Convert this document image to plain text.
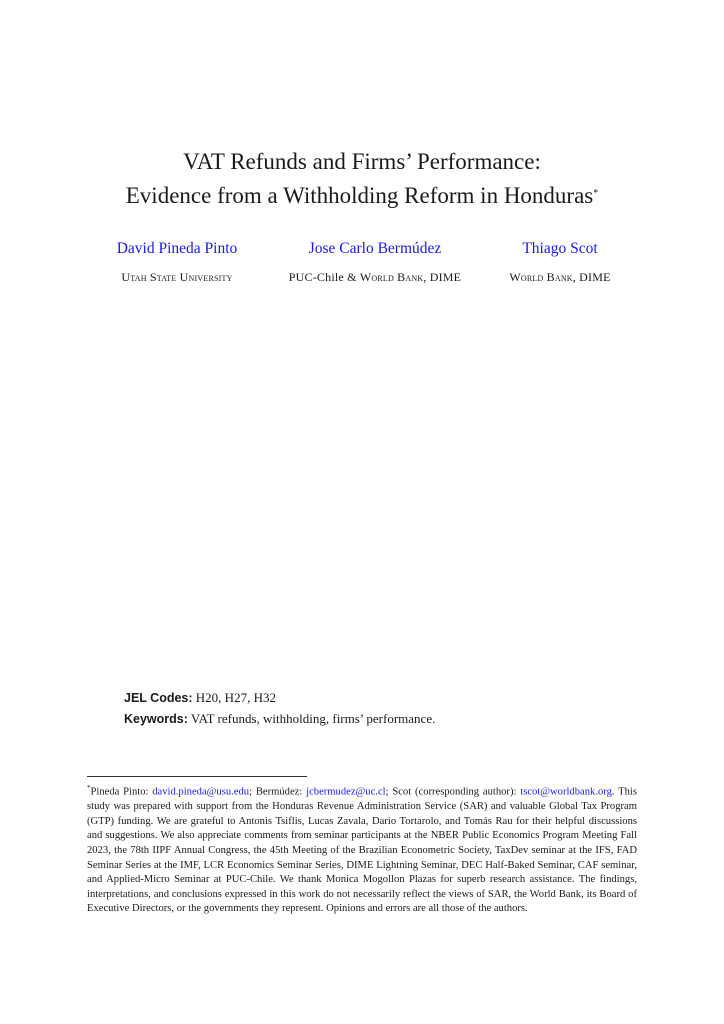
VAT Refunds and Firms’ Performance:
Evidence from a Withholding Reform in Honduras*
David Pineda Pinto	Jose Carlo Bermúdez	Thiago Scot
Utah State University	PUC-Chile & World Bank, DIME	World Bank, DIME
JEL Codes: H20, H27, H32
Keywords: VAT refunds, withholding, firms’ performance.

*Pineda Pinto: david.pineda@usu.edu; Bermúdez: jcbermudez@uc.cl; Scot (corresponding author): tscot@worldbank.org. This study was prepared with support from the Honduras Revenue Administration Service (SAR) and valuable Global Tax Program (GTP) funding. We are grateful to Antonis Tsiflis, Lucas Zavala, Dario Tortarolo, and Tomás Rau for their helpful discussions and suggestions. We also appreciate comments from seminar participants at the NBER Public Economics Program Meeting Fall 2023, the 78th IIPF Annual Congress, the 45th Meeting of the Brazilian Econometric Society, TaxDev seminar at the IFS, FAD Seminar Series at the IMF, LCR Economics Seminar Series, DIME Lightning Seminar, DEC Half-Baked Seminar, CAF seminar, and Applied-Micro Seminar at PUC-Chile. We thank Monica Mogollon Plazas for superb research assistance. The findings, interpretations, and conclusions expressed in this work do not necessarily reflect the views of SAR, the World Bank, its Board of Executive Directors, or the governments they represent. Opinions and errors are all those of the authors.
